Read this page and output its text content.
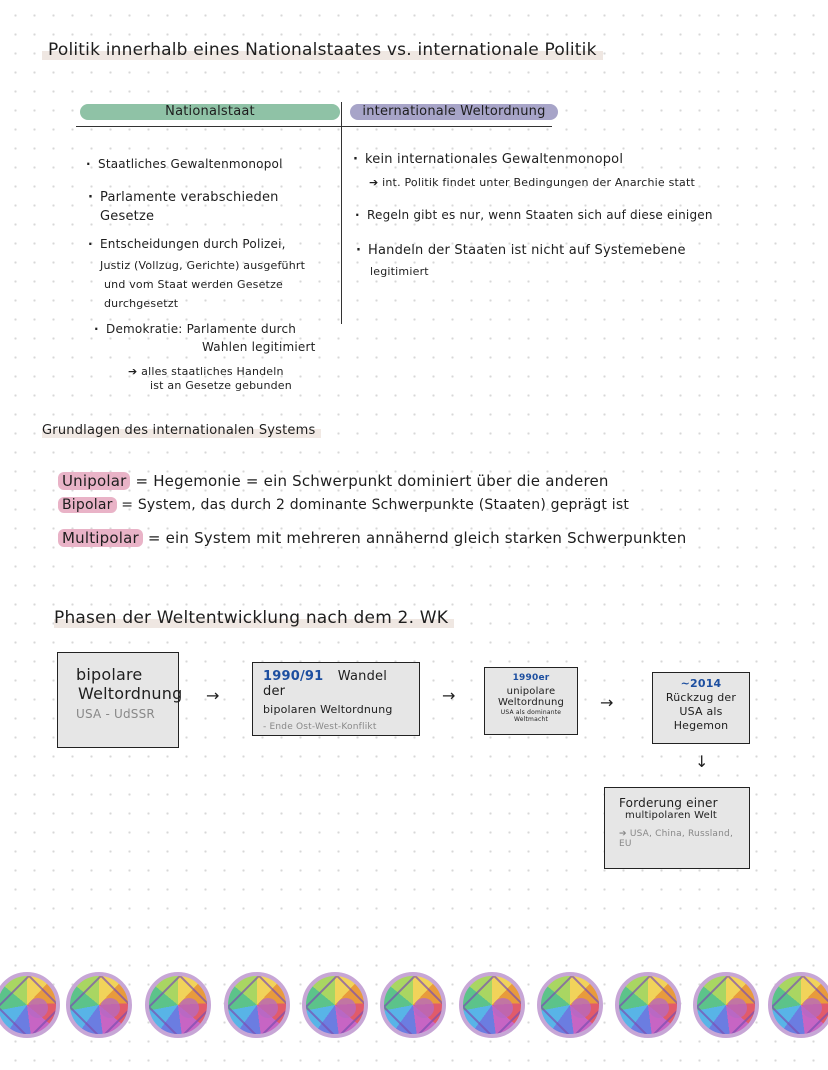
Politik innerhalb eines Nationalstaates vs. internationale Politik
Nationalstaat	internationale Weltordnung
· Staatliches Gewaltenmonopol
· Parlamente verabschieden
Gesetze
· Entscheidungen durch Polizei,
Justiz (Vollzug, Gerichte) ausgeführt
und vom Staat werden Gesetze
durchgesetzt
· Demokratie: Parlamente durch
Wahlen legitimiert
➔ alles staatliches Handeln
ist an Gesetze gebunden
· kein internationales Gewaltenmonopol
➔ int. Politik findet unter Bedingungen der Anarchie statt
· Regeln gibt es nur, wenn Staaten sich auf diese einigen
· Handeln der Staaten ist nicht auf Systemebene
legitimiert
Grundlagen des internationalen Systems
Unipolar = Hegemonie = ein Schwerpunkt dominiert über die anderen
Bipolar = System, das durch 2 dominante Schwerpunkte (Staaten) geprägt ist
Multipolar = ein System mit mehreren annähernd gleich starken Schwerpunkten
Phasen der Weltentwicklung nach dem 2. WK
bipolare
Weltordnung
USA - UdSSR
→
1990/91 Wandel der
bipolaren Weltordnung
- Ende Ost-West-Konflikt
→
1990er
unipolare
Weltordnung
USA als dominante Weltmacht
→
~2014
Rückzug der
USA als
Hegemon
↓
Forderung einer
multipolaren Welt
➔ USA, China, Russland, EU
